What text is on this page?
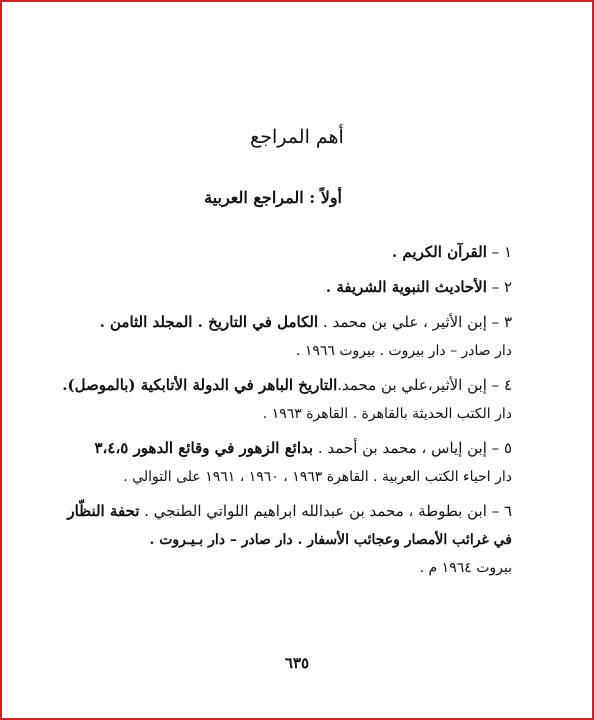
أهم المراجع
أولاً : المراجع العربية
١ – القرآن الكريم .
٢ – الأحاديث النبوية الشريفة .
٣ – إبن الأثير ، علي بن محمد . الكامل في التاريخ . المجلد الثامن .
دار صادر – دار بيروت . بيروت ١٩٦٦ .
٤ – إبن الأثير،علي بن محمد.التاريخ الباهر في الدولة الأتابكية (بالموصل).
دار الكتب الحديثة بالقاهرة . القاهرة ١٩٦٣ .
٥ – إبن إياس ، محمد بن أحمد . بدائع الزهور في وقائع الدهور ٣،٤،٥
دار احياء الكتب العربية . القاهرة ١٩٦٣ ، ١٩٦٠ ، ١٩٦١ على التوالي .
٦ – ابن بطوطة ، محمد بن عبدالله ابراهيم اللواتي الطنجي . تحفة النظّار
في غرائب الأمصار وعجائب الأسفار . دار صادر – دار بـيـروت .
بيروت ١٩٦٤ م .
٦٣٥
